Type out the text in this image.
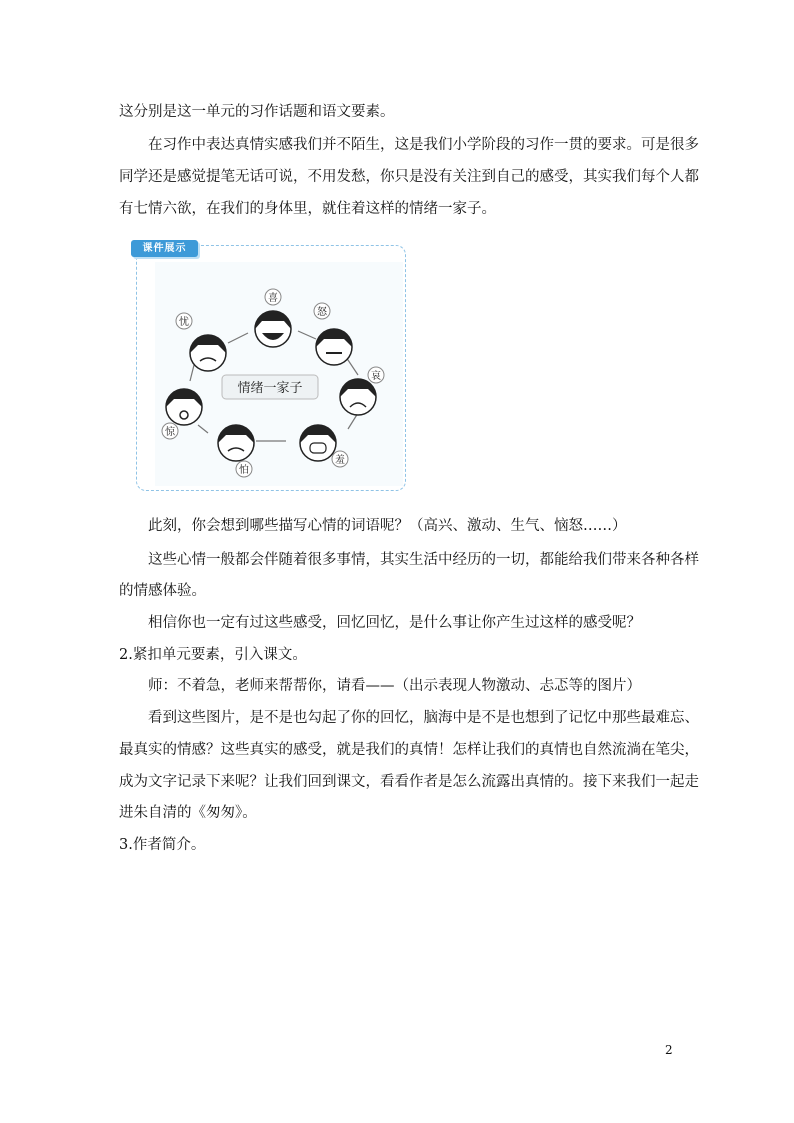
这分别是这一单元的习作话题和语文要素。
在习作中表达真情实感我们并不陌生，这是我们小学阶段的习作一贯的要求。可是很多
同学还是感觉提笔无话可说，不用发愁，你只是没有关注到自己的感受，其实我们每个人都
有七情六欲，在我们的身体里，就住着这样的情绪一家子。
课件展示
情绪一家子
喜
怒
哀
羞
怕
惊
忧
此刻，你会想到哪些描写心情的词语呢？（高兴、激动、生气、恼怒……）
这些心情一般都会伴随着很多事情，其实生活中经历的一切，都能给我们带来各种各样
的情感体验。
相信你也一定有过这些感受，回忆回忆，是什么事让你产生过这样的感受呢？
2.紧扣单元要素，引入课文。
师：不着急，老师来帮帮你，请看——（出示表现人物激动、忐忑等的图片）
看到这些图片，是不是也勾起了你的回忆，脑海中是不是也想到了记忆中那些最难忘、
最真实的情感？这些真实的感受，就是我们的真情！怎样让我们的真情也自然流淌在笔尖，
成为文字记录下来呢？让我们回到课文，看看作者是怎么流露出真情的。接下来我们一起走
进朱自清的《匆匆》。
3.作者简介。
2
